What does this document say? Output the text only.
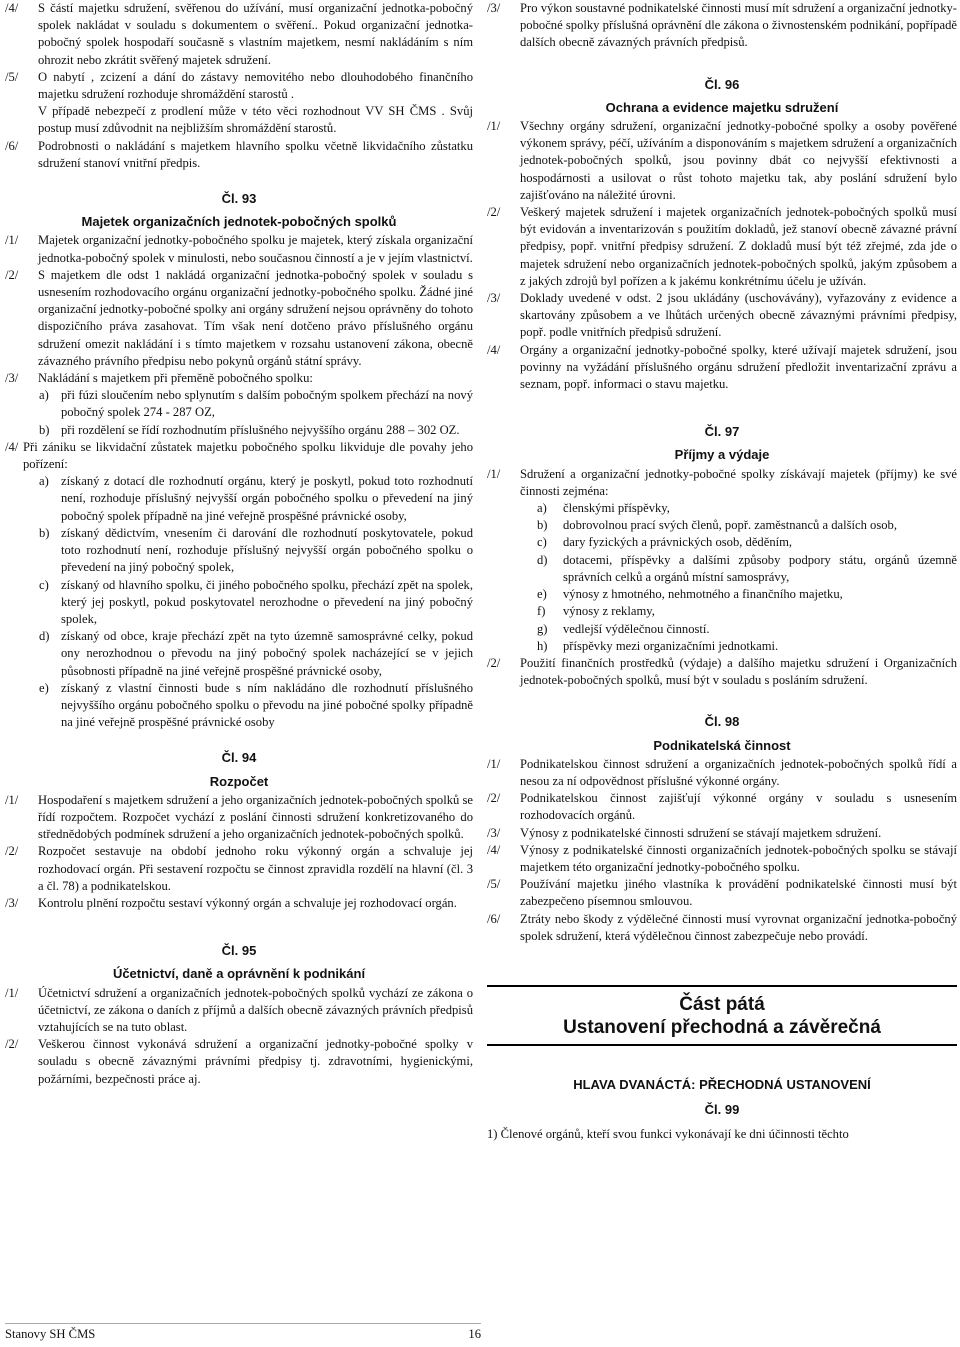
/4/	S částí majetku sdružení, svěřenou do užívání, musí organizační jednotka-pobočný spolek nakládat v souladu s dokumentem o svěření.. Pokud organizační jednotka-pobočný spolek hospodaří současně s vlastním majetkem, nesmí nakládáním s ním ohrozit nebo zkrátit svěřený majetek sdružení.
/5/	O nabytí , zcizení a dání do zástavy nemovitého nebo dlouhodobého finančního majetku sdružení rozhoduje shromáždění starostů .

V případě nebezpečí z prodlení může v této věci rozhodnout VV SH ČMS . Svůj postup musí zdůvodnit na nejbližším shromáždění starostů.

/6/	Podrobnosti o nakládání s majetkem hlavního spolku včetně likvidačního zůstatku sdružení stanoví vnitřní předpis.
Čl. 93
Majetek organizačních jednotek-pobočných spolků
/1/	Majetek organizační jednotky-pobočného spolku je majetek, který získala organizační jednotka-pobočný spolek v minulosti, nebo současnou činností a je v jejím vlastnictví.
/2/	S majetkem dle odst 1 nakládá organizační jednotka-pobočný spolek v souladu s usnesením rozhodovacího orgánu organizační jednotky-pobočného spolku. Žádné jiné organizační jednotky-pobočné spolky ani orgány sdružení nejsou oprávněny do tohoto dispozičního práva zasahovat. Tím však není dotčeno právo příslušného orgánu sdružení omezit nakládání i s tímto majetkem v rozsahu ustanovení zákona, obecně závazného právního předpisu nebo pokynů orgánů státní správy.
/3/	Nakládání s majetkem při přeměně pobočného spolku:
a) při fúzi sloučením nebo splynutím s dalším pobočným spolkem přechází na nový pobočný spolek 274 - 287 OZ,
b) při rozdělení se řídí rozhodnutím příslušného nejvyššího orgánu 288 – 302 OZ.
/4/ Při zániku se likvidační zůstatek majetku pobočného spolku likviduje dle povahy jeho pořízení:
a) získaný z dotací dle rozhodnutí orgánu, který je poskytl, pokud toto rozhodnutí není, rozhoduje příslušný nejvyšší orgán pobočného spolku o převedení na jiný pobočný spolek případně na jiné veřejně prospěšné právnické osoby,
b) získaný dědictvím, vnesením či darování dle rozhodnutí poskytovatele, pokud toto rozhodnutí není, rozhoduje příslušný nejvyšší orgán pobočného spolku o převedení na jiný pobočný spolek,
c) získaný od hlavního spolku, či jiného pobočného spolku, přechází zpět na spolek, který jej poskytl, pokud poskytovatel nerozhodne o převedení na jiný pobočný spolek,
d) získaný od obce, kraje přechází zpět na tyto územně samosprávné celky, pokud ony nerozhodnou o převodu na jiný pobočný spolek nacházející se v jejich působnosti případně na jiné veřejně prospěšné právnické osoby,
e) získaný z vlastní činnosti bude s ním nakládáno dle rozhodnutí příslušného nejvyššího orgánu pobočného spolku o převodu na jiné pobočné spolky případně na jiné veřejně prospěšné právnické osoby
Čl. 94
Rozpočet
/1/	Hospodaření s majetkem sdružení a jeho organizačních jednotek-pobočných spolků se řídí rozpočtem. Rozpočet vychází z poslání činnosti sdružení konkretizovaného do střednědobých podmínek sdružení a jeho organizačních jednotek-pobočných spolků.
/2/	Rozpočet sestavuje na období jednoho roku výkonný orgán a schvaluje jej rozhodovací orgán. Při sestavení rozpočtu se činnost zpravidla rozdělí na hlavní (čl. 3 a čl. 78) a podnikatelskou.
/3/	Kontrolu plnění rozpočtu sestaví výkonný orgán a schvaluje jej rozhodovací orgán.
Čl. 95
Účetnictví, daně a oprávnění k podnikání
/1/	Účetnictví sdružení a organizačních jednotek-pobočných spolků vychází ze zákona o účetnictví, ze zákona o daních z příjmů a dalších obecně závazných právních předpisů vztahujících se na tuto oblast.
/2/	Veškerou činnost vykonává sdružení a organizační jednotky-pobočné spolky v souladu s obecně závaznými právními předpisy tj. zdravotními, hygienickými, požárními, bezpečnosti práce aj.
/3/	Pro výkon soustavné podnikatelské činnosti musí mít sdružení a organizační jednotky-pobočné spolky příslušná oprávnění dle zákona o živnostenském podnikání, popřípadě dalších obecně závazných právních předpisů.
Čl. 96
Ochrana a evidence majetku sdružení
/1/	Všechny orgány sdružení, organizační jednotky-pobočné spolky a osoby pověřené výkonem správy, péčí, užíváním a disponováním s majetkem sdružení a organizačních jednotek-pobočných spolků, jsou povinny dbát co nejvyšší efektivnosti a hospodárnosti a usilovat o růst tohoto majetku tak, aby poslání sdružení bylo zajišťováno na náležité úrovni.
/2/	Veškerý majetek sdružení i majetek organizačních jednotek-pobočných spolků musí být evidován a inventarizován s použitím dokladů, jež stanoví obecně závazné právní předpisy, popř. vnitřní předpisy sdružení. Z dokladů musí být též zřejmé, zda jde o majetek sdružení nebo organizačních jednotek-pobočných spolků, jakým způsobem a z jakých zdrojů byl pořízen a k jakému konkrétnímu účelu je užíván.
/3/	Doklady uvedené v odst. 2 jsou ukládány (uschovávány), vyřazovány z evidence a skartovány způsobem a ve lhůtách určených obecně závaznými právními předpisy, popř. podle vnitřních předpisů sdružení.
/4/	Orgány a organizační jednotky-pobočné spolky, které užívají majetek sdružení, jsou povinny na vyžádání příslušného orgánu sdružení předložit inventarizační zprávu a seznam, popř. informaci o stavu majetku.
Čl. 97
Příjmy a výdaje
/1/	Sdružení a organizační jednotky-pobočné spolky získávají majetek (příjmy) ke své činnosti zejména:
a)	členskými příspěvky,
b)	dobrovolnou prací svých členů, popř. zaměstnanců a dalších osob,
c)	dary fyzických a právnických osob, děděním,
d)	dotacemi, příspěvky a dalšími způsoby podpory státu, orgánů územně správních celků a orgánů místní samosprávy,
e)	výnosy z hmotného, nehmotného a finančního majetku,
f)	výnosy z reklamy,
g)	vedlejší výdělečnou činností.
h)	příspěvky mezi organizačními jednotkami.
/2/	Použití finančních prostředků (výdaje) a dalšího majetku sdružení i Organizačních jednotek-pobočných spolků, musí být v souladu s posláním sdružení.
Čl. 98
Podnikatelská činnost
/1/	Podnikatelskou činnost sdružení a organizačních jednotek-pobočných spolků řídí a nesou za ní odpovědnost příslušné výkonné orgány.
/2/	Podnikatelskou činnost zajišťují výkonné orgány v souladu s usnesením rozhodovacích orgánů.
/3/	Výnosy z podnikatelské činnosti sdružení se stávají majetkem sdružení.
/4/	Výnosy z podnikatelské činnosti organizačních jednotek-pobočných spolku se stávají majetkem této organizační jednotky-pobočného spolku.
/5/	Používání majetku jiného vlastníka k provádění podnikatelské činnosti musí být zabezpečeno písemnou smlouvou.
/6/	Ztráty nebo škody z výdělečné činnosti musí vyrovnat organizační jednotka-pobočný spolek sdružení, která výdělečnou činnost zabezpečuje nebo provádí.
Část pátá
Ustanovení přechodná a závěrečná
HLAVA DVANÁCTÁ: PŘECHODNÁ USTANOVENÍ
Čl. 99

1) Členové orgánů, kteří svou funkci vykonávají ke dni účinnosti těchto

Stanovy SH ČMS	16
